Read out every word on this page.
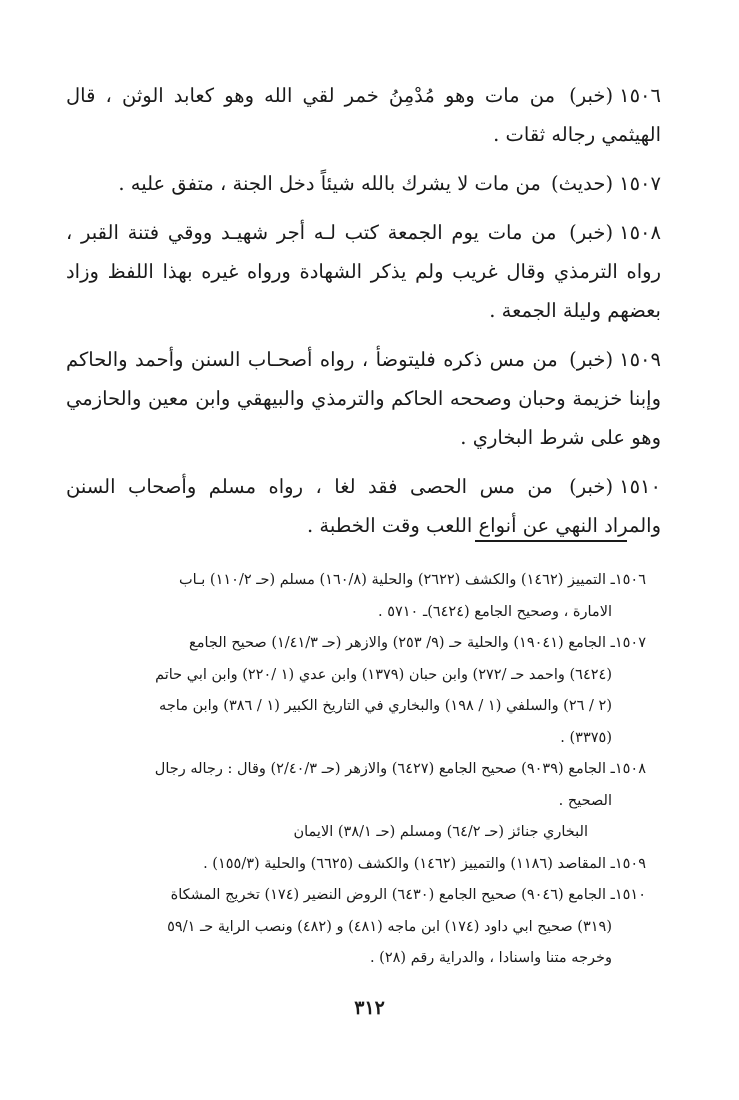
١٥٠٦(خبر) من مات وهو مُدْمِنُ خمر لقي الله وهو كعابد الوثن ، قال الهيثمي رجاله ثقات .

١٥٠٧(حديث) من مات لا يشرك بالله شيئاً دخل الجنة ، متفق عليه .

١٥٠٨(خبر) من مات يوم الجمعة كتب لـه أجر شهيـد ووقي فتنة القبر ، رواه الترمذي وقال غريب ولم يذكر الشهادة ورواه غيره بهذا اللفظ وزاد بعضهم وليلة الجمعة .

١٥٠٩(خبر) من مس ذكره فليتوضأ ، رواه أصحـاب السنن وأحمد والحاكم وإبنا خزيمة وحبان وصححه الحاكم والترمذي والبيهقي وابن معين والحازمي وهو على شرط البخاري .

١٥١٠(خبر) من مس الحصى فقد لغا ، رواه مسلم وأصحاب السنن والمراد النهي عن أنواع اللعب وقت الخطبة .

١٥٠٦ـ التمييز (١٤٦٢) والكشف (٢٦٢٢) والحلية (١٦٠/٨) مسلم (حـ ١١٠/٢) بـاب

الامارة ، وصحيح الجامع (٦٤٢٤)ـ ٥٧١٠ .

١٥٠٧ـ الجامع (١٩٠٤١) والحلية حـ (٩/ ٢٥٣) والازهر (حـ ١/٤١/٣) صحيح الجامع

(٦٤٢٤) واحمد حـ /٢٧٢) وابن حبان (١٣٧٩) وابن عدي (١ /٢٢٠) وابن ابي حاتم

(٢ / ٢٦) والسلفي (١ / ١٩٨) والبخاري في التاريخ الكبير (١ / ٣٨٦) وابن ماجه

(٣٣٧٥) .

١٥٠٨ـ الجامع (٩٠٣٩) صحيح الجامع (٦٤٢٧) والازهر (حـ ٢/٤٠/٣) وقال : رجاله رجال

الصحيح .

البخاري جنائز (حـ ٦٤/٢) ومسلم (حـ ٣٨/١) الايمان

١٥٠٩ـ المقاصد (١١٨٦) والتمييز (١٤٦٢) والكشف (٦٦٢٥) والحلية (١٥٥/٣) .

١٥١٠ـ الجامع (٩٠٤٦) صحيح الجامع (٦٤٣٠) الروض النضير (١٧٤) تخريج المشكاة

(٣١٩) صحيح ابي داود (١٧٤) ابن ماجه (٤٨١) و (٤٨٢) ونصب الراية حـ ٥٩/١

وخرجه متنا واسنادا ، والدراية رقم (٢٨) .

٣١٢
